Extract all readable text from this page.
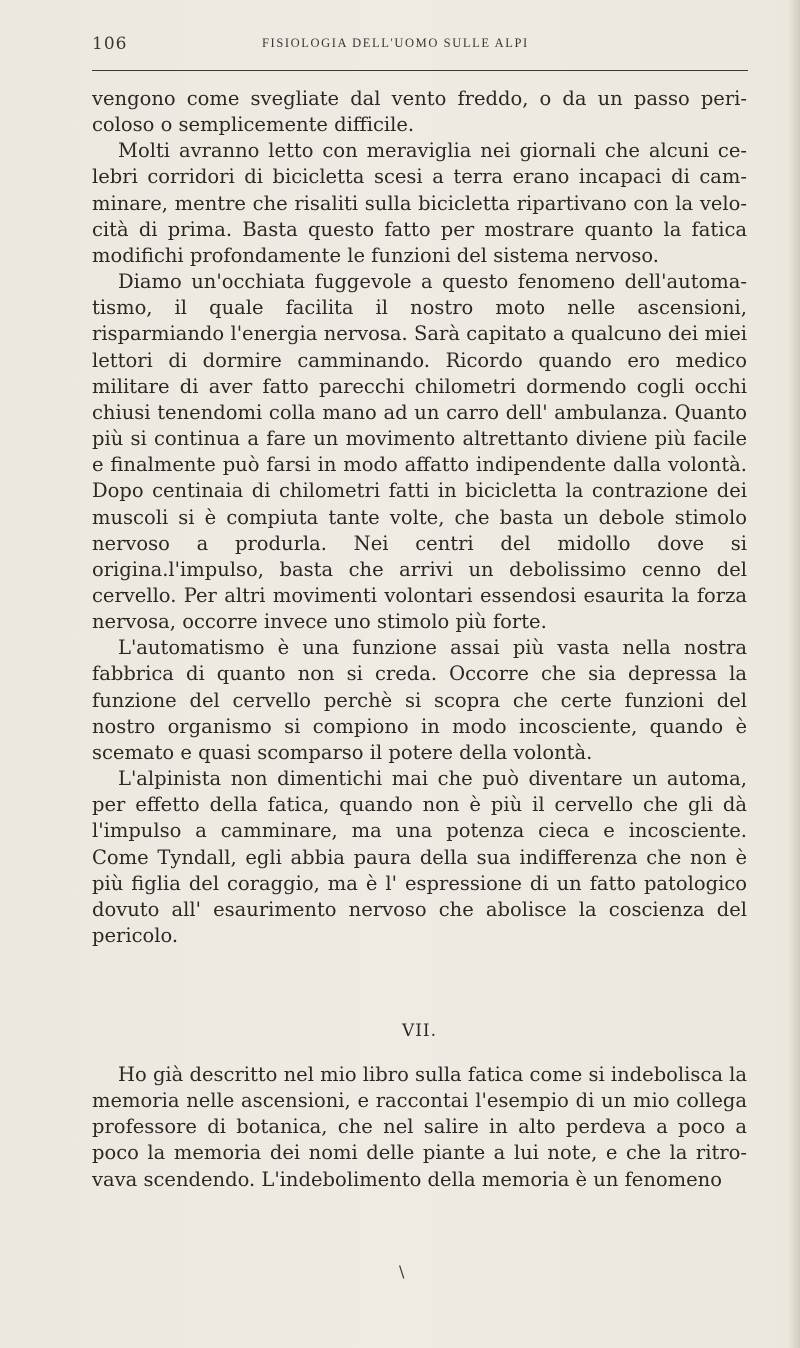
106	FISIOLOGIA DELL'UOMO SULLE ALPI

vengono come svegliate dal vento freddo, o da un passo pericoloso o semplicemente difficile.

Molti avranno letto con meraviglia nei giornali che alcuni celebri corridori di bicicletta scesi a terra erano incapaci di camminare, mentre che risaliti sulla bicicletta ripartivano con la velocità di prima. Basta questo fatto per mostrare quanto la fatica modifichi profondamente le funzioni del sistema nervoso.

Diamo un'occhiata fuggevole a questo fenomeno dell'automatismo, il quale facilita il nostro moto nelle ascensioni, risparmiando l'energia nervosa. Sarà capitato a qualcuno dei miei lettori di dormire camminando. Ricordo quando ero medico militare di aver fatto parecchi chilometri dormendo cogli occhi chiusi tenendomi colla mano ad un carro dell' ambulanza. Quanto più si continua a fare un movimento altrettanto diviene più facile e finalmente può farsi in modo affatto indipendente dalla volontà. Dopo centinaia di chilometri fatti in bicicletta la contrazione dei muscoli si è compiuta tante volte, che basta un debole stimolo nervoso a produrla. Nei centri del midollo dove si origina.l'impulso, basta che arrivi un debolissimo cenno del cervello. Per altri movimenti volontari essendosi esaurita la forza nervosa, occorre invece uno stimolo più forte.

L'automatismo è una funzione assai più vasta nella nostra fabbrica di quanto non si creda. Occorre che sia depressa la funzione del cervello perchè si scopra che certe funzioni del nostro organismo si compiono in modo incosciente, quando è scemato e quasi scomparso il potere della volontà.

L'alpinista non dimentichi mai che può diventare un automa, per effetto della fatica, quando non è più il cervello che gli dà l'impulso a camminare, ma una potenza cieca e incosciente. Come Tyndall, egli abbia paura della sua indifferenza che non è più figlia del coraggio, ma è l' espressione di un fatto patologico dovuto all' esaurimento nervoso che abolisce la coscienza del pericolo.

VII.

Ho già descritto nel mio libro sulla fatica come si indebolisca la memoria nelle ascensioni, e raccontai l'esempio di un mio collega professore di botanica, che nel salire in alto perdeva a poco a poco la memoria dei nomi delle piante a lui note, e che la ritrovava scendendo. L'indebolimento della memoria è un fenomeno

\
